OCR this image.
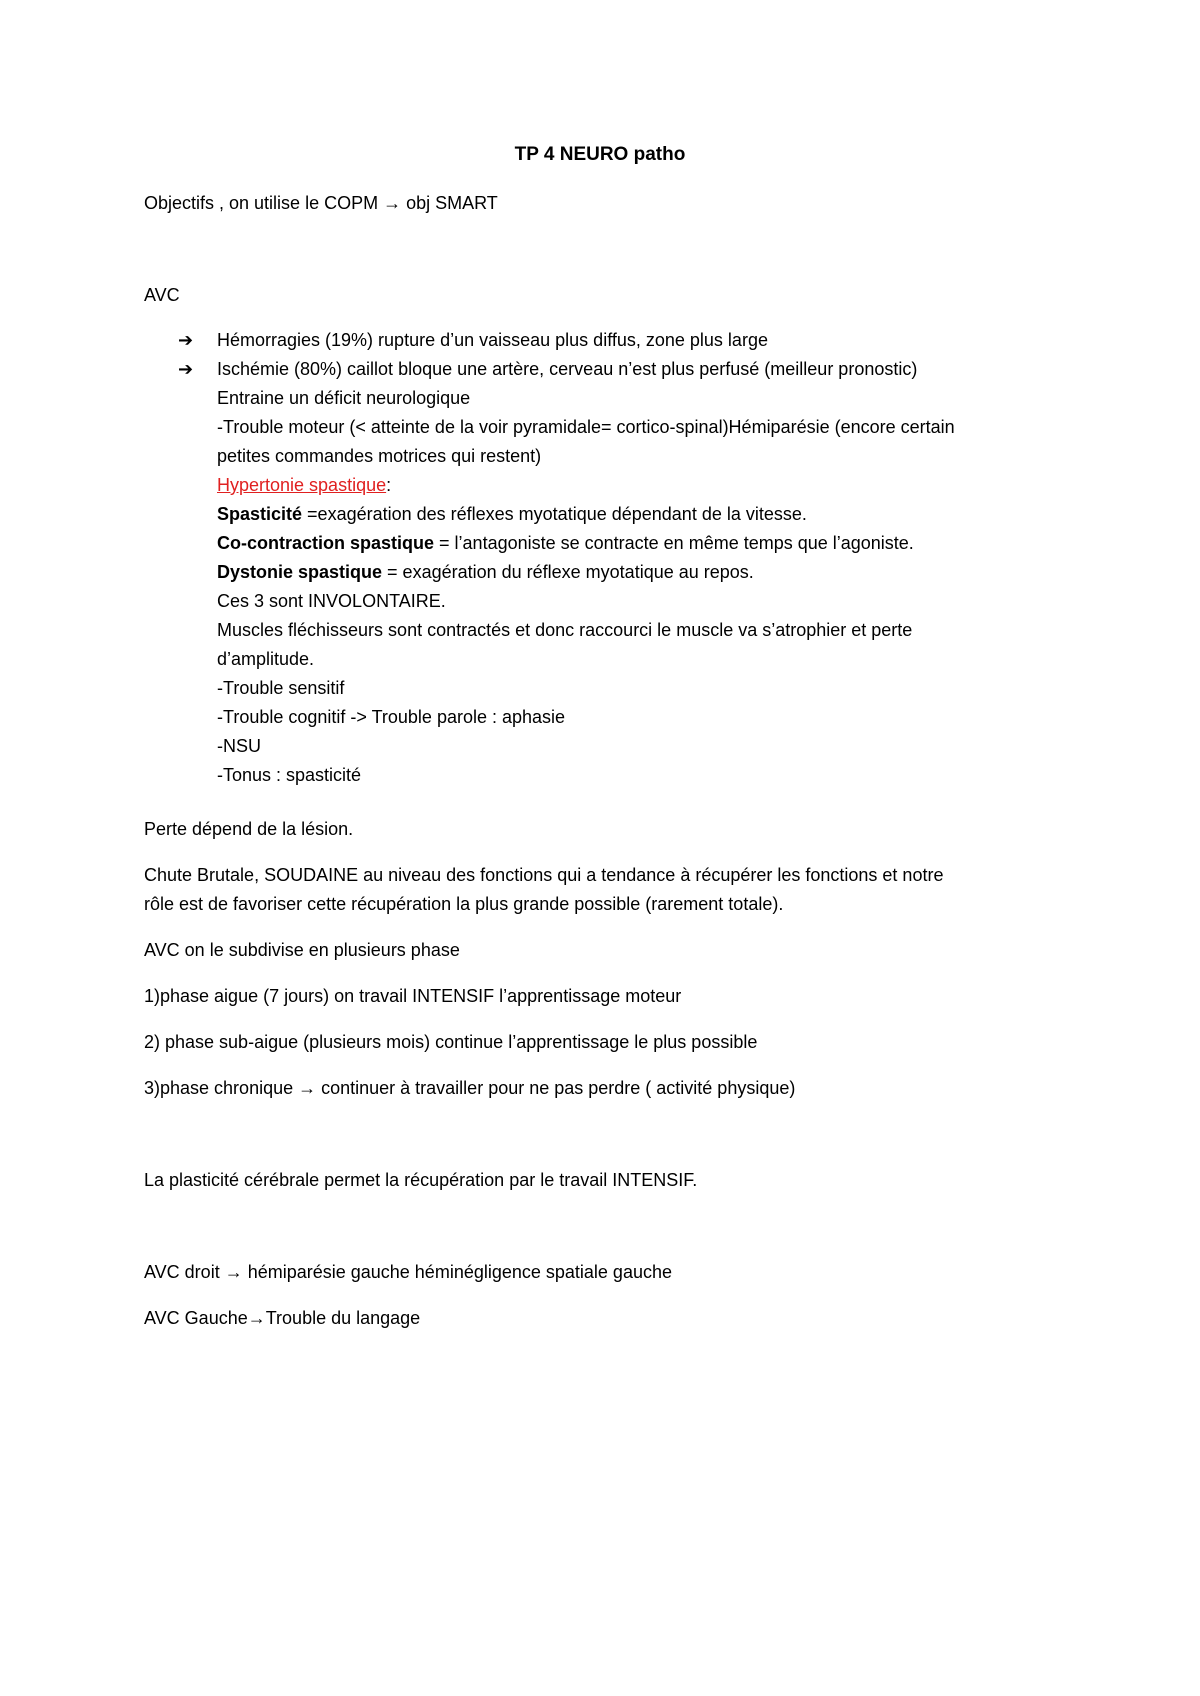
TP 4 NEURO patho
Objectifs , on utilise le COPM → obj SMART
AVC
➔ Hémorragies (19%) rupture d’un vaisseau plus diffus, zone plus large
➔ Ischémie (80%) caillot bloque une artère, cerveau n’est plus perfusé (meilleur pronostic)
Entraine un déficit neurologique
-Trouble moteur (< atteinte de la voir pyramidale= cortico-spinal)Hémiparésie (encore certain
petites commandes motrices qui restent)
Hypertonie spastique:
Spasticité =exagération des réflexes myotatique dépendant de la vitesse.
Co-contraction spastique = l’antagoniste se contracte en même temps que l’agoniste.
Dystonie spastique = exagération du réflexe myotatique au repos.
Ces 3 sont INVOLONTAIRE.
Muscles fléchisseurs sont contractés et donc raccourci le muscle va s’atrophier et perte
d’amplitude.
-Trouble sensitif
-Trouble cognitif -> Trouble parole : aphasie
-NSU
-Tonus : spasticité
Perte dépend de la lésion.
Chute Brutale, SOUDAINE au niveau des fonctions qui a tendance à récupérer les fonctions et notre
rôle est de favoriser cette récupération la plus grande possible (rarement totale).
AVC on le subdivise en plusieurs phase
1)phase aigue (7 jours) on travail INTENSIF l’apprentissage moteur
2) phase sub-aigue (plusieurs mois) continue l’apprentissage le plus possible
3)phase chronique → continuer à travailler pour ne pas perdre ( activité physique)
La plasticité cérébrale permet la récupération par le travail INTENSIF.
AVC droit → hémiparésie gauche héminégligence spatiale gauche
AVC Gauche→Trouble du langage
